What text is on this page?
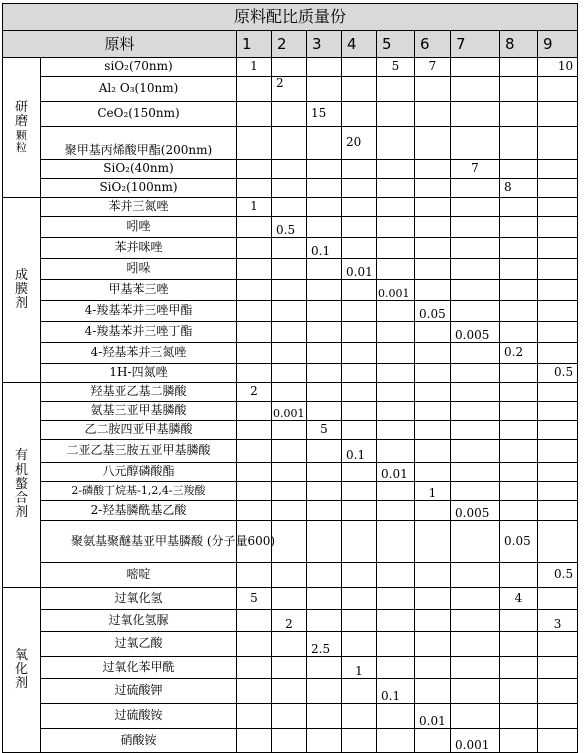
原料配比质量份										
原料		1	2	3	4	5	6	7	8	9

研
磨
颗
粒	siO₂(70nm)	1				5	7			10
	Al₂ O₃(10nm)		2							
	CeO₂(150nm)			15						
	聚甲基丙烯酸甲酯(200nm)				20					
	SiO₂(40nm)							7		
	SiO₂(100nm)								8	

成
膜
剂	苯并三氮唑	1								
	吲唑		0.5							
	苯并咪唑			0.1						
	吲哚				0.01					
	甲基苯三唑					0.001				
	4-羧基苯并三唑甲酯						0.05			
	4-羧基苯并三唑丁酯							0.005		
	4-羟基苯并三氮唑								0.2	
	1H-四氮唑									0.5

有
机
螯
合
剂	羟基亚乙基二膦酸	2								
	氨基三亚甲基膦酸		0.001							
	乙二胺四亚甲基膦酸			5						
	二亚乙基三胺五亚甲基膦酸				0.1					
	八元醇磷酸酯					0.01				
	2-磷酸丁烷基-1,2,4-三羧酸						1			
	2-羟基膦酰基乙酸							0.005		
	聚氨基聚醚基亚甲基膦酸 (分子量600)								0.05	
	嘧啶									0.5

氧
化
剂	过氧化氢	5							4	
	过氧化氢脲		2							3
	过氧乙酸			2.5						
	过氧化苯甲酰				1					
	过硫酸钾					0.1				
	过硫酸铵						0.01			
	硝酸铵							0.001		
